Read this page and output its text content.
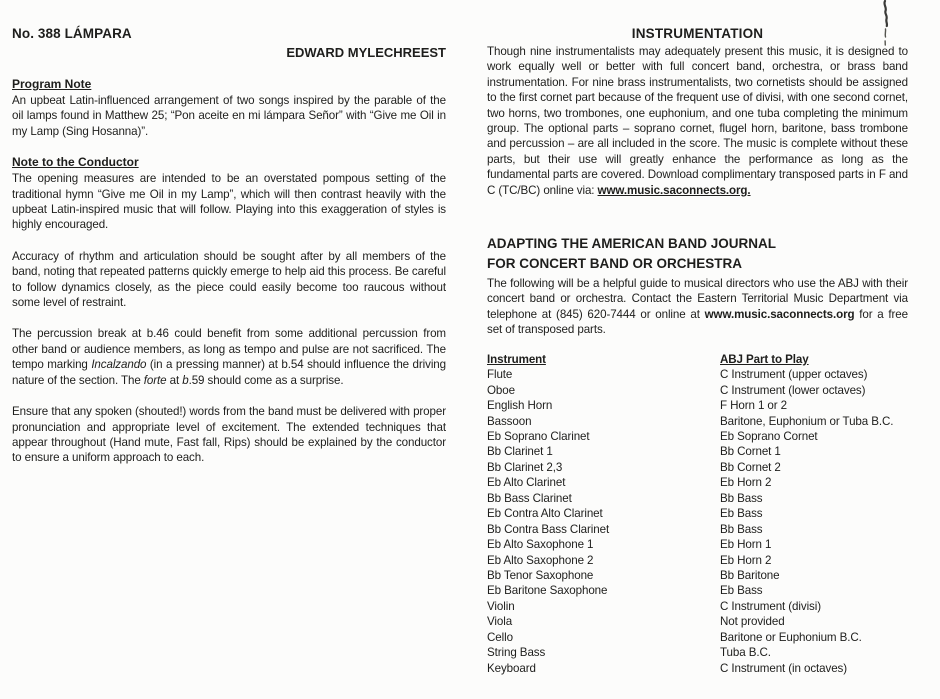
No. 388 LÁMPARA
EDWARD MYLECHREEST
Program Note

An upbeat Latin-influenced arrangement of two songs inspired by the parable of the oil lamps found in Matthew 25; “Pon aceite en mi lámpara Señor” with “Give me Oil in my Lamp (Sing Hosanna)”.

Note to the Conductor

The opening measures are intended to be an overstated pompous setting of the traditional hymn “Give me Oil in my Lamp”, which will then contrast heavily with the upbeat Latin-inspired music that will follow. Playing into this exaggeration of styles is highly encouraged.

Accuracy of rhythm and articulation should be sought after by all members of the band, noting that repeated patterns quickly emerge to help aid this process. Be careful to follow dynamics closely, as the piece could easily become too raucous without some level of restraint.

The percussion break at b.46 could benefit from some additional percussion from other band or audience members, as long as tempo and pulse are not sacrificed. The tempo marking Incalzando (in a pressing manner) at b.54 should influence the driving nature of the section. The forte at b.59 should come as a surprise.

Ensure that any spoken (shouted!) words from the band must be delivered with proper pronunciation and appropriate level of excitement. The extended techniques that appear throughout (Hand mute, Fast fall, Rips) should be explained by the conductor to ensure a uniform approach to each.

INSTRUMENTATION

Though nine instrumentalists may adequately present this music, it is designed to work equally well or better with full concert band, orchestra, or brass band instrumentation. For nine brass instrumentalists, two cornetists should be assigned to the first cornet part because of the frequent use of divisi, with one second cornet, two horns, two trombones, one euphonium, and one tuba completing the minimum group. The optional parts – soprano cornet, flugel horn, baritone, bass trombone and percussion – are all included in the score. The music is complete without these parts, but their use will greatly enhance the performance as long as the fundamental parts are covered. Download complimentary transposed parts in F and C (TC/BC) online via: www.music.saconnects.org.

ADAPTING THE AMERICAN BAND JOURNAL
FOR CONCERT BAND OR ORCHESTRA

The following will be a helpful guide to musical directors who use the ABJ with their concert band or orchestra. Contact the Eastern Territorial Music Department via telephone at (845) 620-7444 or online at www.music.saconnects.org for a free set of transposed parts.

Instrument	ABJ Part to Play
Flute	C Instrument (upper octaves)
Oboe	C Instrument (lower octaves)
English Horn	F Horn 1 or 2
Bassoon	Baritone, Euphonium or Tuba B.C.
Eb Soprano Clarinet	Eb Soprano Cornet
Bb Clarinet 1	Bb Cornet 1
Bb Clarinet 2,3	Bb Cornet 2
Eb Alto Clarinet	Eb Horn 2
Bb Bass Clarinet	Bb Bass
Eb Contra Alto Clarinet	Eb Bass
Bb Contra Bass Clarinet	Bb Bass
Eb Alto Saxophone 1	Eb Horn 1
Eb Alto Saxophone 2	Eb Horn 2
Bb Tenor Saxophone	Bb Baritone
Eb Baritone Saxophone	Eb Bass
Violin	C Instrument (divisi)
Viola	Not provided
Cello	Baritone or Euphonium B.C.
String Bass	Tuba B.C.
Keyboard	C Instrument (in octaves)
